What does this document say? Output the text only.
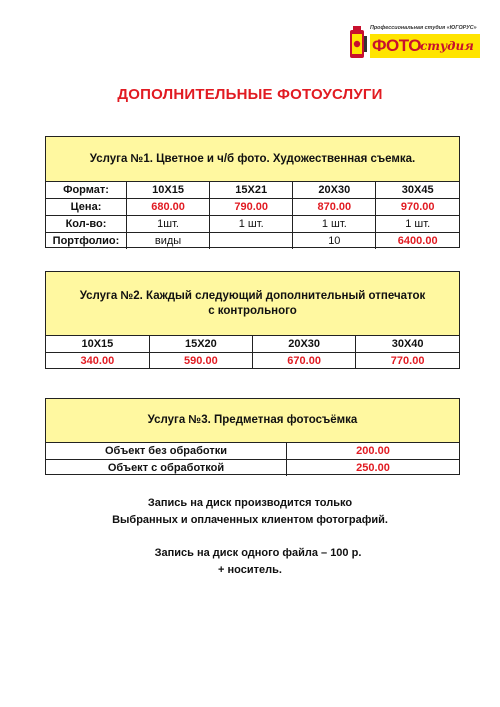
Профессиональная студия «ЮГОРУС»
ФОТО студия
ДОПОЛНИТЕЛЬНЫЕ ФОТОУСЛУГИ
Услуга №1. Цветное и ч/б фото. Художественная съемка.
Формат:	10X15	15X21	20X30	30X45
Цена:	680.00	790.00	870.00	970.00
Кол-во:	1шт.	1 шт.	1 шт.	1 шт.
Портфолио:	виды		10	6400.00
Услуга №2. Каждый следующий дополнительный отпечаток
с контрольного
10X15	15X20	20X30	30X40
340.00	590.00	670.00	770.00
Услуга №3. Предметная фотосъёмка
Объект без обработки	200.00
Объект с обработкой	250.00
Запись на диск производится только
Выбранных и оплаченных клиентом фотографий.
Запись на диск одного файла – 100 р.
+ носитель.
